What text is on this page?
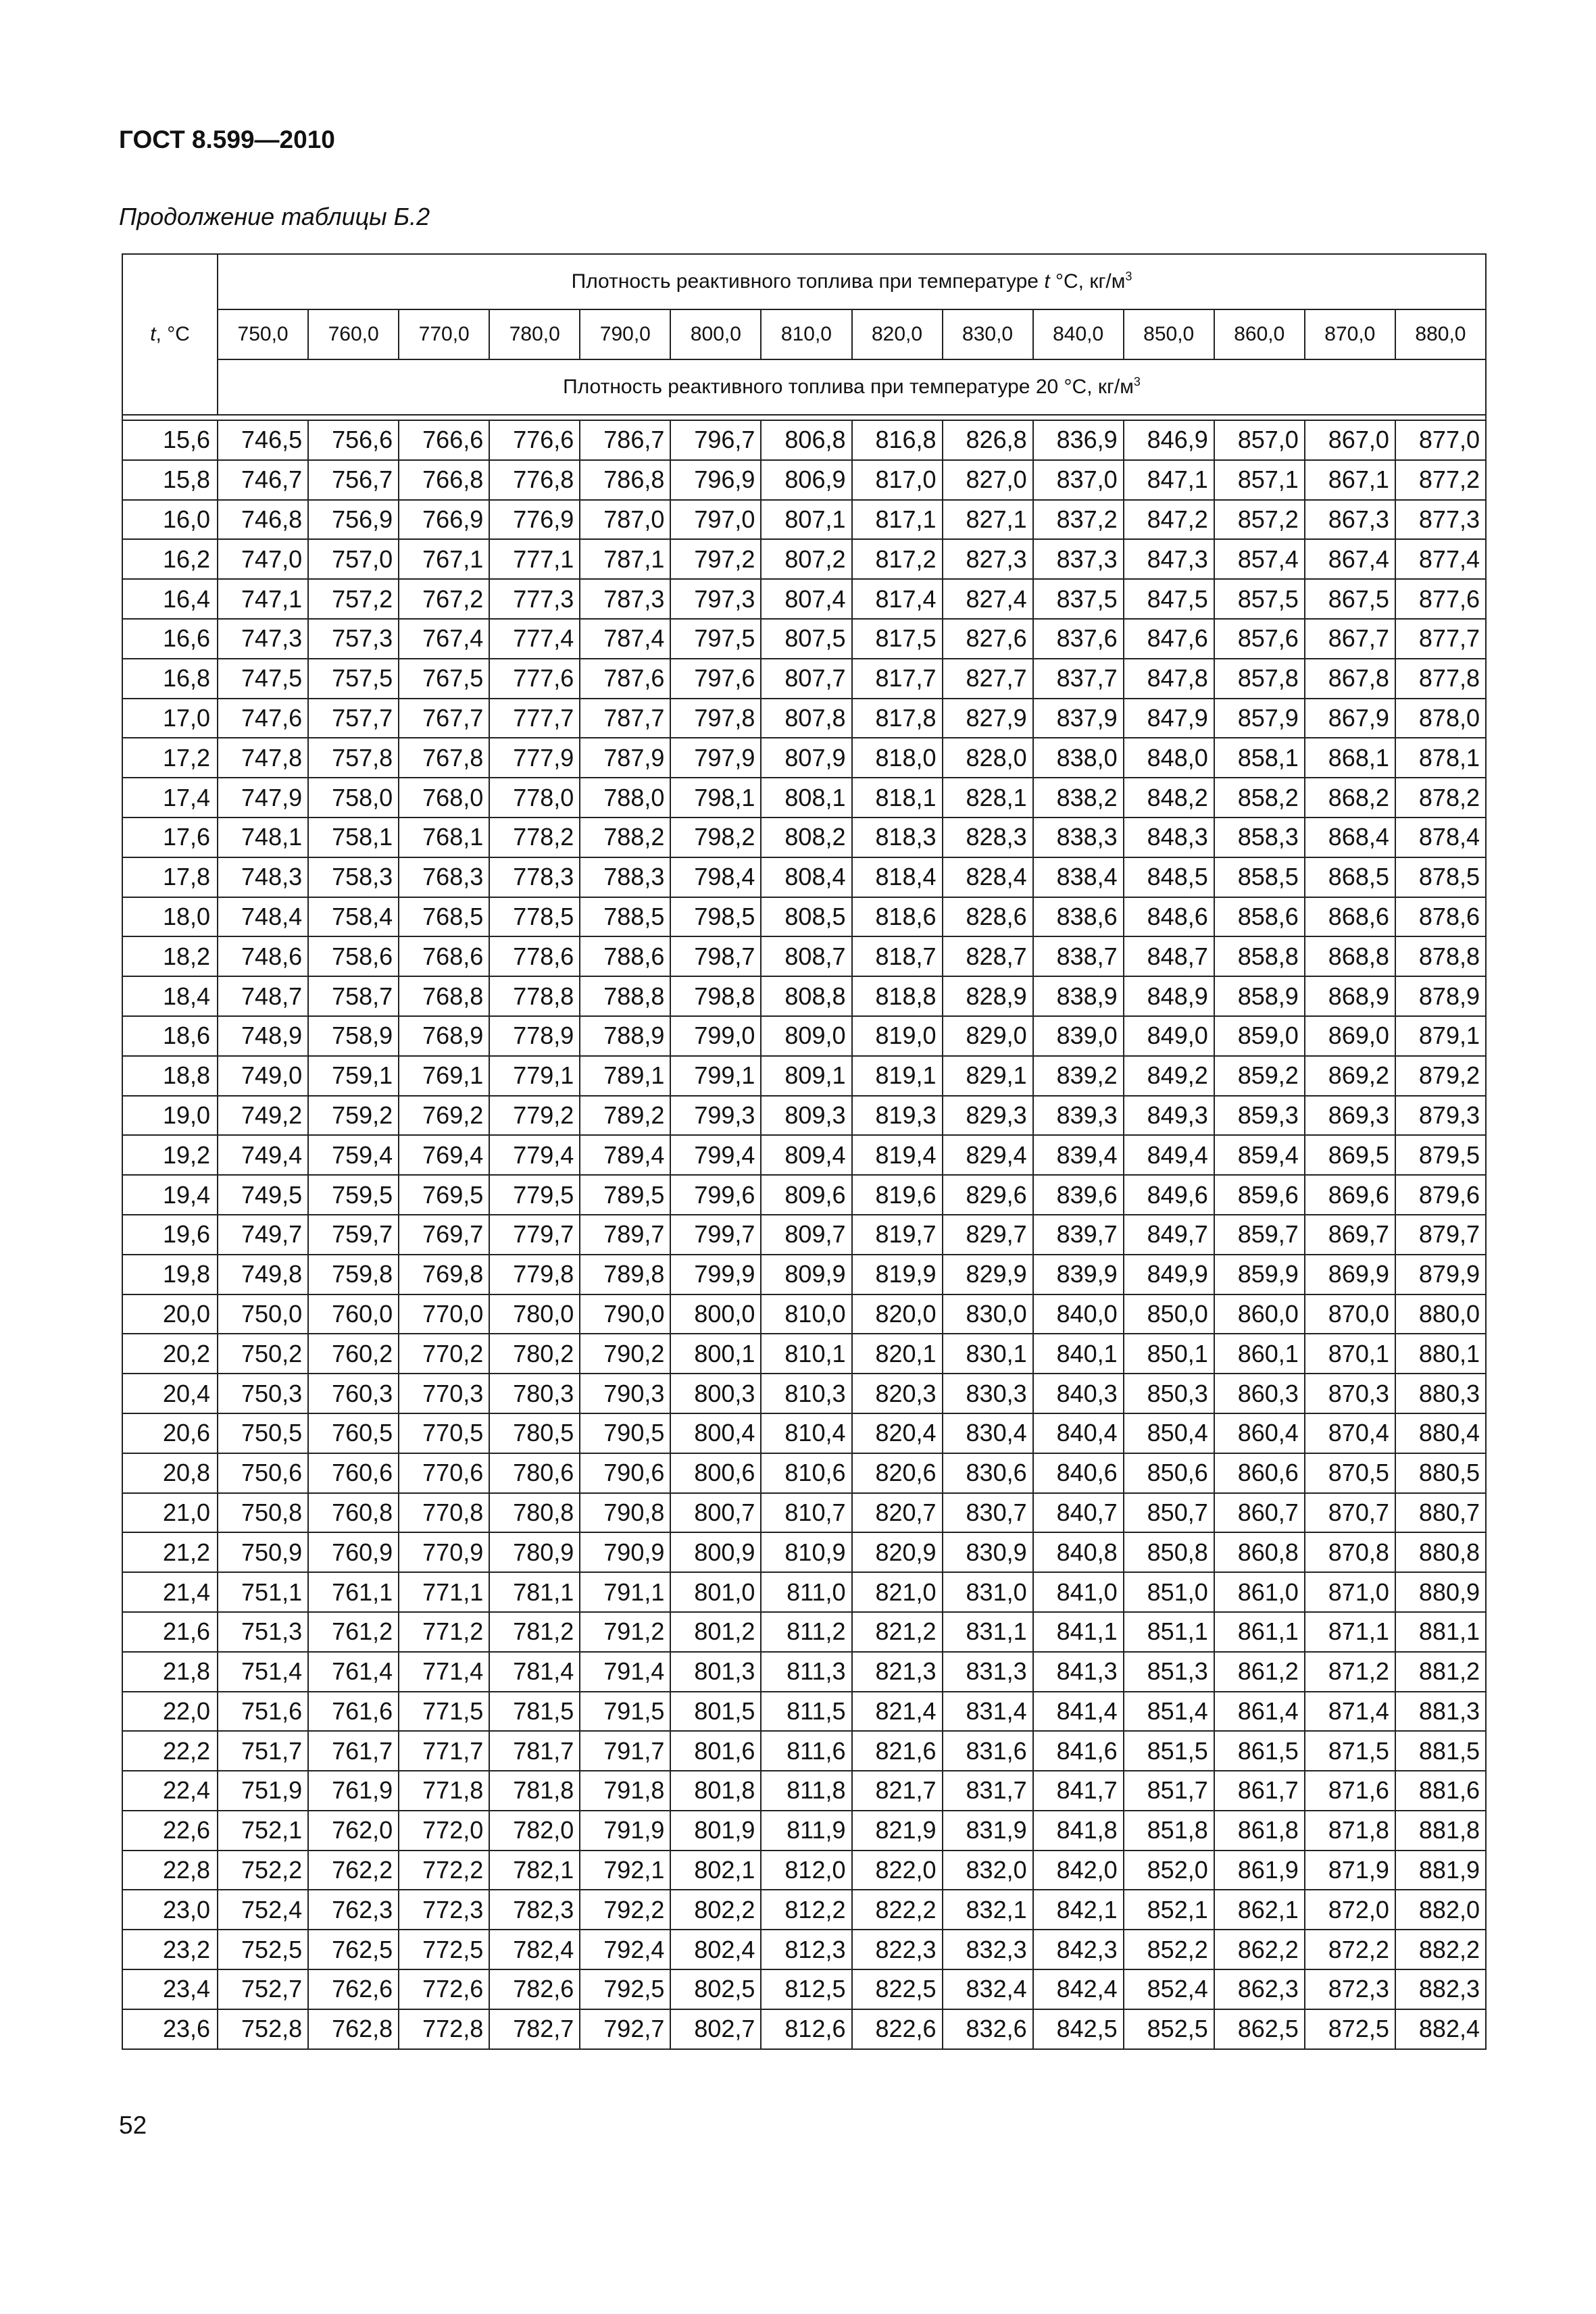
ГОСТ 8.599—2010
Продолжение таблицы Б.2
t, °С	Плотность реактивного топлива при температуре t °С, $кг/м^3$
	750,0	760,0	770,0	780,0	790,0	800,0	810,0	820,0	830,0	840,0	850,0	860,0	870,0	880,0
	Плотность реактивного топлива при температуре 20 °С, $кг/м^3$

15,6	746,5	756,6	766,6	776,6	786,7	796,7	806,8	816,8	826,8	836,9	846,9	857,0	867,0	877,0
15,8	746,7	756,7	766,8	776,8	786,8	796,9	806,9	817,0	827,0	837,0	847,1	857,1	867,1	877,2
16,0	746,8	756,9	766,9	776,9	787,0	797,0	807,1	817,1	827,1	837,2	847,2	857,2	867,3	877,3
16,2	747,0	757,0	767,1	777,1	787,1	797,2	807,2	817,2	827,3	837,3	847,3	857,4	867,4	877,4
16,4	747,1	757,2	767,2	777,3	787,3	797,3	807,4	817,4	827,4	837,5	847,5	857,5	867,5	877,6
16,6	747,3	757,3	767,4	777,4	787,4	797,5	807,5	817,5	827,6	837,6	847,6	857,6	867,7	877,7
16,8	747,5	757,5	767,5	777,6	787,6	797,6	807,7	817,7	827,7	837,7	847,8	857,8	867,8	877,8
17,0	747,6	757,7	767,7	777,7	787,7	797,8	807,8	817,8	827,9	837,9	847,9	857,9	867,9	878,0
17,2	747,8	757,8	767,8	777,9	787,9	797,9	807,9	818,0	828,0	838,0	848,0	858,1	868,1	878,1
17,4	747,9	758,0	768,0	778,0	788,0	798,1	808,1	818,1	828,1	838,2	848,2	858,2	868,2	878,2
17,6	748,1	758,1	768,1	778,2	788,2	798,2	808,2	818,3	828,3	838,3	848,3	858,3	868,4	878,4
17,8	748,3	758,3	768,3	778,3	788,3	798,4	808,4	818,4	828,4	838,4	848,5	858,5	868,5	878,5
18,0	748,4	758,4	768,5	778,5	788,5	798,5	808,5	818,6	828,6	838,6	848,6	858,6	868,6	878,6
18,2	748,6	758,6	768,6	778,6	788,6	798,7	808,7	818,7	828,7	838,7	848,7	858,8	868,8	878,8
18,4	748,7	758,7	768,8	778,8	788,8	798,8	808,8	818,8	828,9	838,9	848,9	858,9	868,9	878,9
18,6	748,9	758,9	768,9	778,9	788,9	799,0	809,0	819,0	829,0	839,0	849,0	859,0	869,0	879,1
18,8	749,0	759,1	769,1	779,1	789,1	799,1	809,1	819,1	829,1	839,2	849,2	859,2	869,2	879,2
19,0	749,2	759,2	769,2	779,2	789,2	799,3	809,3	819,3	829,3	839,3	849,3	859,3	869,3	879,3
19,2	749,4	759,4	769,4	779,4	789,4	799,4	809,4	819,4	829,4	839,4	849,4	859,4	869,5	879,5
19,4	749,5	759,5	769,5	779,5	789,5	799,6	809,6	819,6	829,6	839,6	849,6	859,6	869,6	879,6
19,6	749,7	759,7	769,7	779,7	789,7	799,7	809,7	819,7	829,7	839,7	849,7	859,7	869,7	879,7
19,8	749,8	759,8	769,8	779,8	789,8	799,9	809,9	819,9	829,9	839,9	849,9	859,9	869,9	879,9
20,0	750,0	760,0	770,0	780,0	790,0	800,0	810,0	820,0	830,0	840,0	850,0	860,0	870,0	880,0
20,2	750,2	760,2	770,2	780,2	790,2	800,1	810,1	820,1	830,1	840,1	850,1	860,1	870,1	880,1
20,4	750,3	760,3	770,3	780,3	790,3	800,3	810,3	820,3	830,3	840,3	850,3	860,3	870,3	880,3
20,6	750,5	760,5	770,5	780,5	790,5	800,4	810,4	820,4	830,4	840,4	850,4	860,4	870,4	880,4
20,8	750,6	760,6	770,6	780,6	790,6	800,6	810,6	820,6	830,6	840,6	850,6	860,6	870,5	880,5
21,0	750,8	760,8	770,8	780,8	790,8	800,7	810,7	820,7	830,7	840,7	850,7	860,7	870,7	880,7
21,2	750,9	760,9	770,9	780,9	790,9	800,9	810,9	820,9	830,9	840,8	850,8	860,8	870,8	880,8
21,4	751,1	761,1	771,1	781,1	791,1	801,0	811,0	821,0	831,0	841,0	851,0	861,0	871,0	880,9
21,6	751,3	761,2	771,2	781,2	791,2	801,2	811,2	821,2	831,1	841,1	851,1	861,1	871,1	881,1
21,8	751,4	761,4	771,4	781,4	791,4	801,3	811,3	821,3	831,3	841,3	851,3	861,2	871,2	881,2
22,0	751,6	761,6	771,5	781,5	791,5	801,5	811,5	821,4	831,4	841,4	851,4	861,4	871,4	881,3
22,2	751,7	761,7	771,7	781,7	791,7	801,6	811,6	821,6	831,6	841,6	851,5	861,5	871,5	881,5
22,4	751,9	761,9	771,8	781,8	791,8	801,8	811,8	821,7	831,7	841,7	851,7	861,7	871,6	881,6
22,6	752,1	762,0	772,0	782,0	791,9	801,9	811,9	821,9	831,9	841,8	851,8	861,8	871,8	881,8
22,8	752,2	762,2	772,2	782,1	792,1	802,1	812,0	822,0	832,0	842,0	852,0	861,9	871,9	881,9
23,0	752,4	762,3	772,3	782,3	792,2	802,2	812,2	822,2	832,1	842,1	852,1	862,1	872,0	882,0
23,2	752,5	762,5	772,5	782,4	792,4	802,4	812,3	822,3	832,3	842,3	852,2	862,2	872,2	882,2
23,4	752,7	762,6	772,6	782,6	792,5	802,5	812,5	822,5	832,4	842,4	852,4	862,3	872,3	882,3
23,6	752,8	762,8	772,8	782,7	792,7	802,7	812,6	822,6	832,6	842,5	852,5	862,5	872,5	882,4
52
